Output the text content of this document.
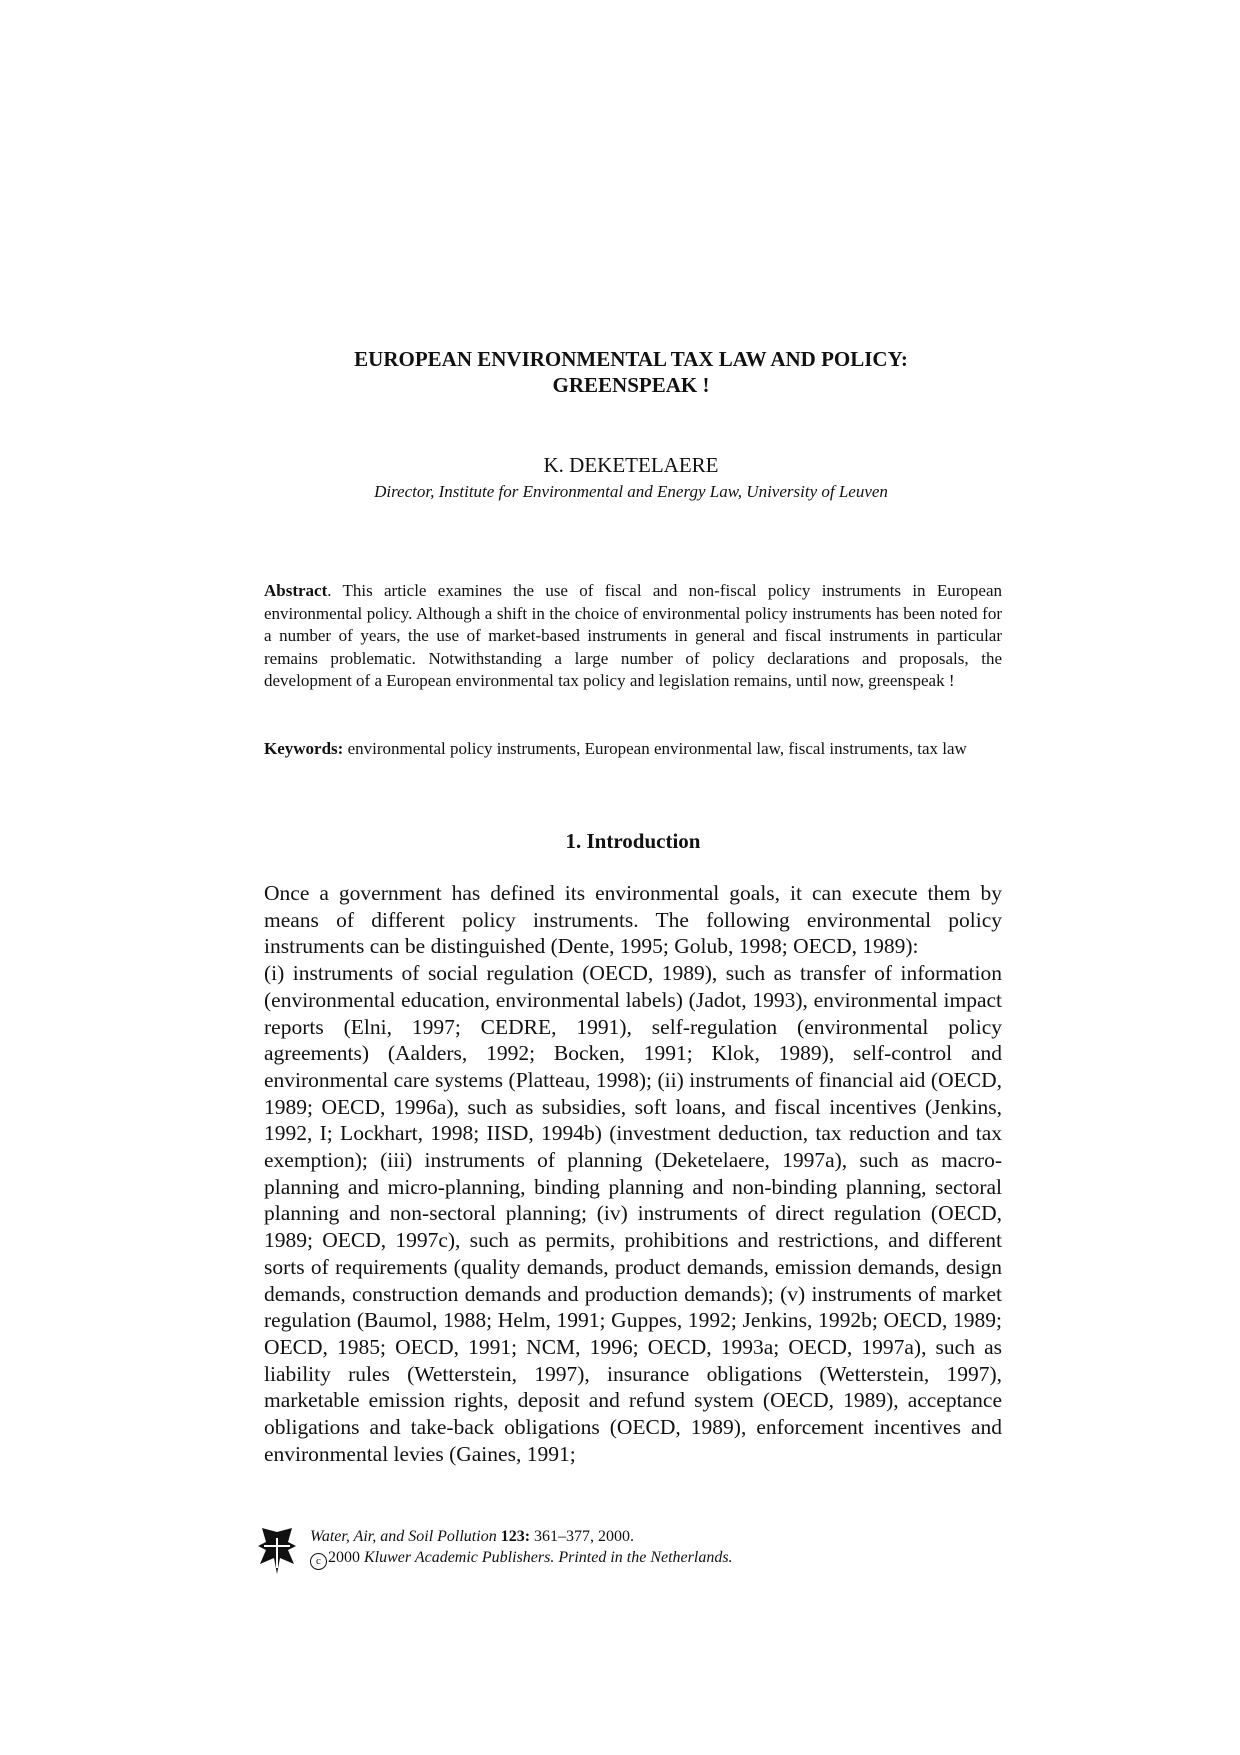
EUROPEAN ENVIRONMENTAL TAX LAW AND POLICY:
GREENSPEAK !
K. DEKETELAERE
Director, Institute for Environmental and Energy Law, University of Leuven

Abstract. This article examines the use of fiscal and non-fiscal policy instruments in European environmental policy. Although a shift in the choice of environmental policy instruments has been noted for a number of years, the use of market-based instruments in general and fiscal instruments in particular remains problematic. Notwithstanding a large number of policy declarations and proposals, the development of a European environmental tax policy and legislation remains, until now, greenspeak !

Keywords: environmental policy instruments, European environmental law, fiscal instruments, tax law

1. Introduction

Once a government has defined its environmental goals, it can execute them by means of different policy instruments. The following environmental policy instruments can be distinguished (Dente, 1995; Golub, 1998; OECD, 1989):
(i) instruments of social regulation (OECD, 1989), such as transfer of information (environmental education, environmental labels) (Jadot, 1993), environmental impact reports (Elni, 1997; CEDRE, 1991), self-regulation (environmental policy agreements) (Aalders, 1992; Bocken, 1991; Klok, 1989), self-control and environmental care systems (Platteau, 1998); (ii) instruments of financial aid (OECD, 1989; OECD, 1996a), such as subsidies, soft loans, and fiscal incentives (Jenkins, 1992, I; Lockhart, 1998; IISD, 1994b) (investment deduction, tax reduction and tax exemption); (iii) instruments of planning (Deketelaere, 1997a), such as macro-planning and micro-planning, binding planning and non-binding planning, sectoral planning and non-sectoral planning; (iv) instruments of direct regulation (OECD, 1989; OECD, 1997c), such as permits, prohibitions and restrictions, and different sorts of requirements (quality demands, product demands, emission demands, design demands, construction demands and production demands); (v) instruments of market regulation (Baumol, 1988; Helm, 1991; Guppes, 1992; Jenkins, 1992b; OECD, 1989; OECD, 1985; OECD, 1991; NCM, 1996; OECD, 1993a; OECD, 1997a), such as liability rules (Wetterstein, 1997), insurance obligations (Wetterstein, 1997), marketable emission rights, deposit and refund system (OECD, 1989), acceptance obligations and take-back obligations (OECD, 1989), enforcement incentives and environmental levies (Gaines, 1991;

Water, Air, and Soil Pollution 123: 361–377, 2000.
c 2000 Kluwer Academic Publishers. Printed in the Netherlands.
